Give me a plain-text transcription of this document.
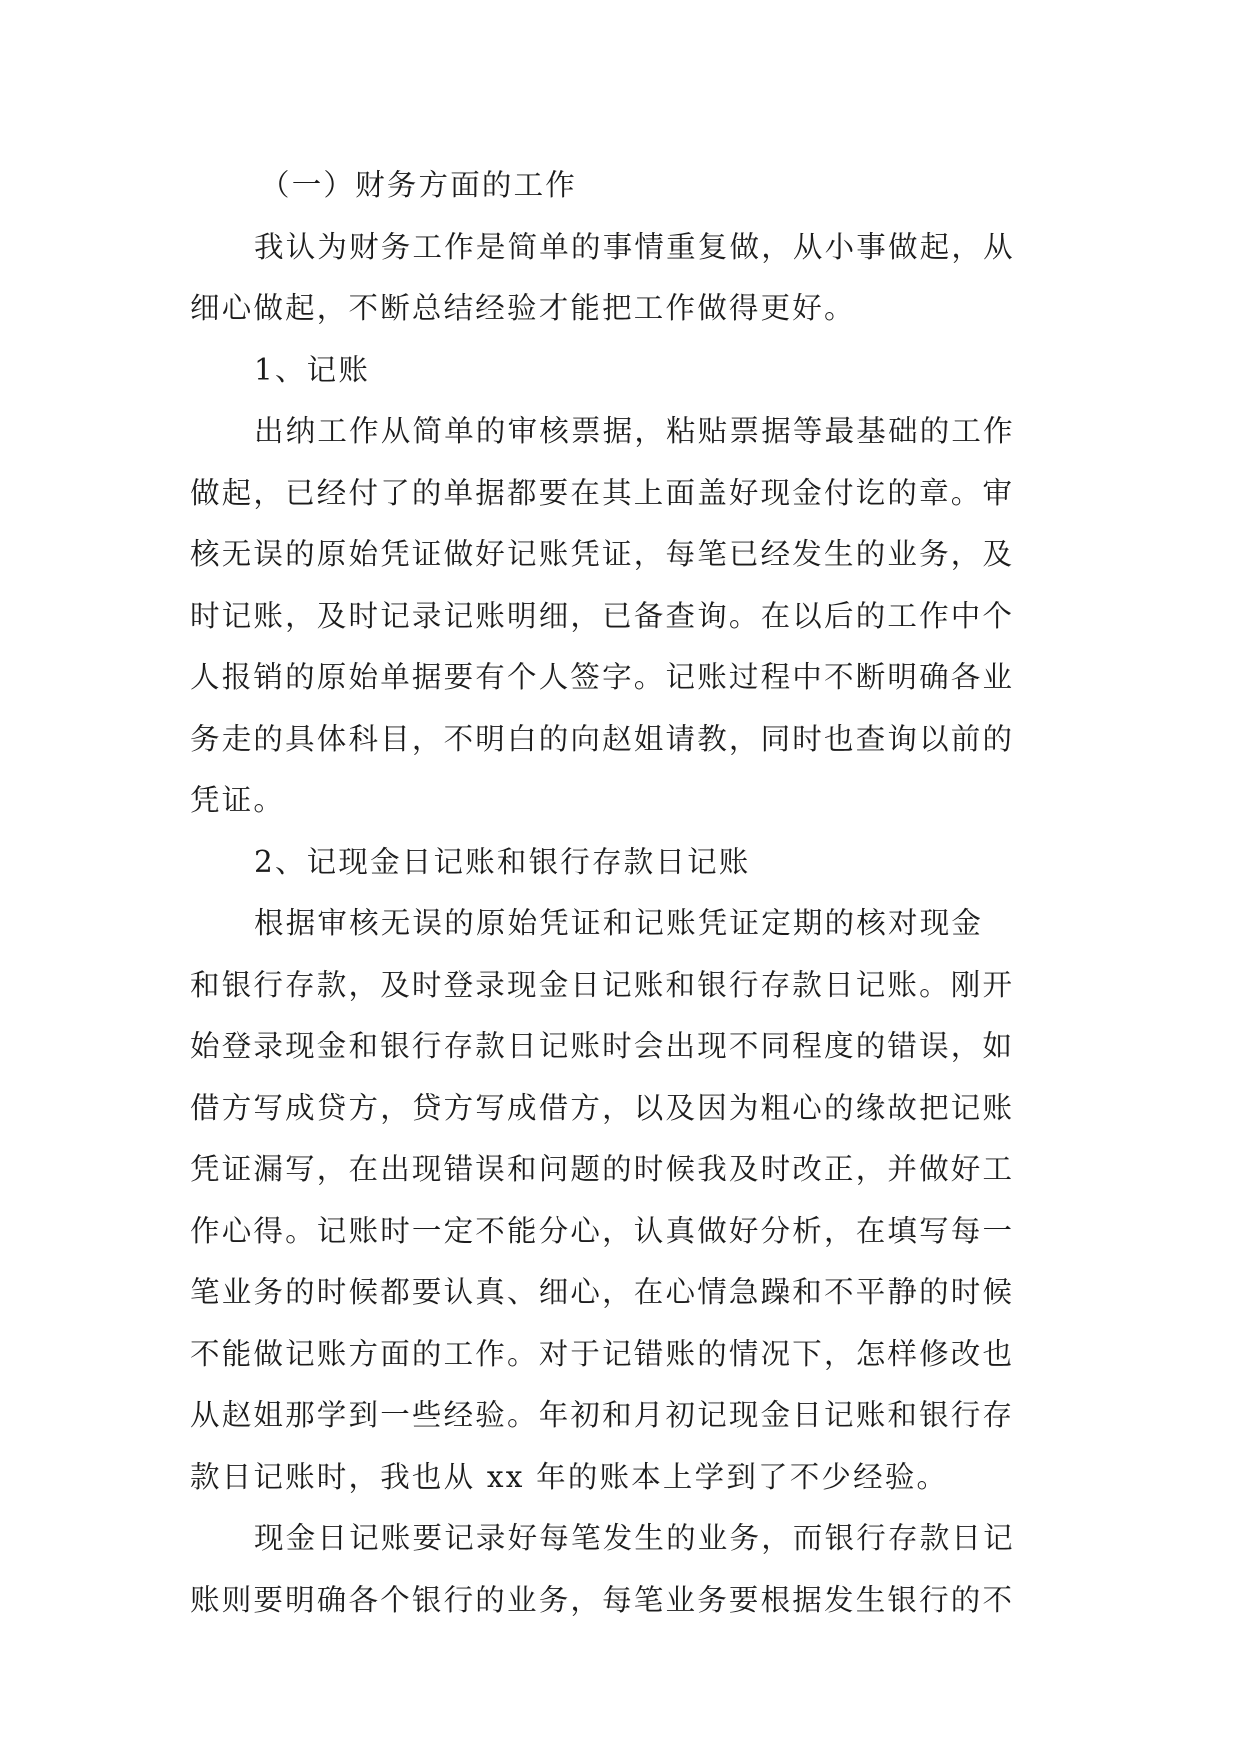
（一）财务方面的工作
我认为财务工作是简单的事情重复做，从小事做起，从
细心做起，不断总结经验才能把工作做得更好。
1、记账
出纳工作从简单的审核票据，粘贴票据等最基础的工作
做起，已经付了的单据都要在其上面盖好现金付讫的章。审
核无误的原始凭证做好记账凭证，每笔已经发生的业务，及
时记账，及时记录记账明细，已备查询。在以后的工作中个
人报销的原始单据要有个人签字。记账过程中不断明确各业
务走的具体科目，不明白的向赵姐请教，同时也查询以前的
凭证。
2、记现金日记账和银行存款日记账
根据审核无误的原始凭证和记账凭证定期的核对现金
和银行存款，及时登录现金日记账和银行存款日记账。刚开
始登录现金和银行存款日记账时会出现不同程度的错误，如
借方写成贷方，贷方写成借方，以及因为粗心的缘故把记账
凭证漏写，在出现错误和问题的时候我及时改正，并做好工
作心得。记账时一定不能分心，认真做好分析，在填写每一
笔业务的时候都要认真、细心，在心情急躁和不平静的时候
不能做记账方面的工作。对于记错账的情况下，怎样修改也
从赵姐那学到一些经验。年初和月初记现金日记账和银行存
款日记账时，我也从 xx 年的账本上学到了不少经验。
现金日记账要记录好每笔发生的业务，而银行存款日记
账则要明确各个银行的业务，每笔业务要根据发生银行的不
